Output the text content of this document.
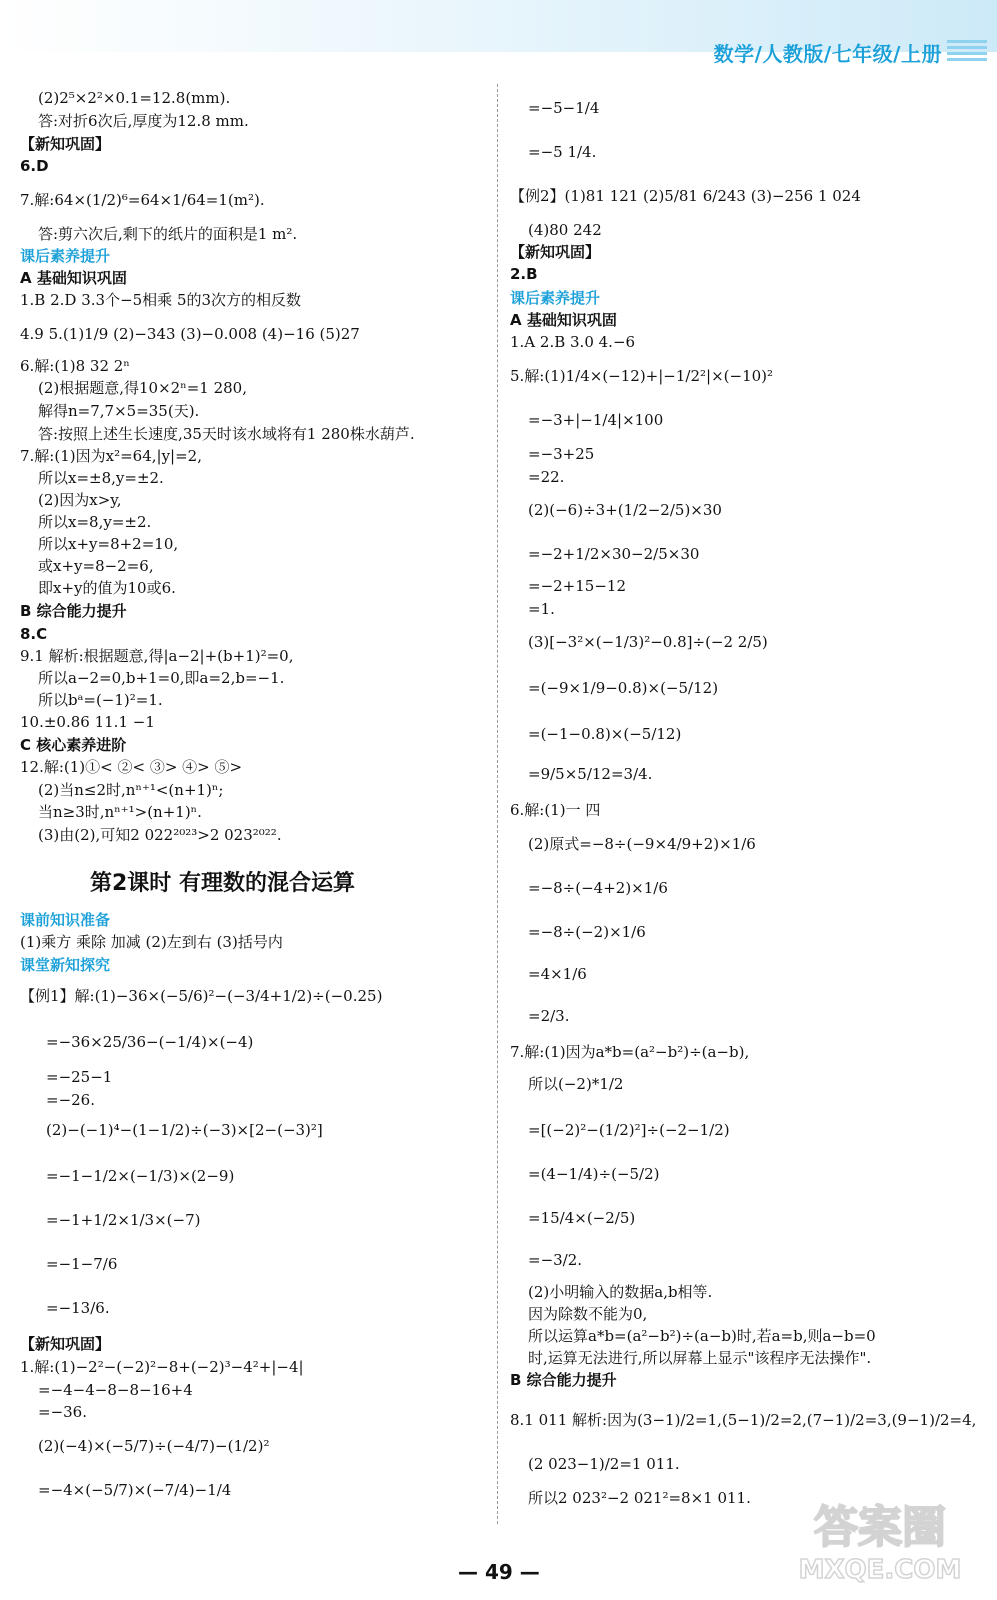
数学/人教版/七年级/上册
(2)2⁵×2²×0.1=12.8(mm).
答:对折6次后,厚度为12.8 mm.
【新知巩固】
6.D
7.解:64×(1/2)⁶=64×1/64=1(m²).
答:剪六次后,剩下的纸片的面积是1 m².
课后素养提升
A 基础知识巩固
1.B 2.D 3.3个−5相乘 5的3次方的相反数
4.9 5.(1)1/9 (2)−343 (3)−0.008 (4)−16 (5)27
6.解:(1)8 32 2ⁿ
(2)根据题意,得10×2ⁿ=1 280,
解得n=7,7×5=35(天).
答:按照上述生长速度,35天时该水域将有1 280株水葫芦.
7.解:(1)因为x²=64,|y|=2,
所以x=±8,y=±2.
(2)因为x>y,
所以x=8,y=±2.
所以x+y=8+2=10,
或x+y=8−2=6,
即x+y的值为10或6.
B 综合能力提升
8.C
9.1 解析:根据题意,得|a−2|+(b+1)²=0,
所以a−2=0,b+1=0,即a=2,b=−1.
所以bᵃ=(−1)²=1.
10.±0.86 11.1 −1
C 核心素养进阶
12.解:(1)①< ②< ③> ④> ⑤>
(2)当n≤2时,nⁿ⁺¹<(n+1)ⁿ;
当n≥3时,nⁿ⁺¹>(n+1)ⁿ.
(3)由(2),可知2 022²⁰²³>2 023²⁰²².
第2课时 有理数的混合运算
课前知识准备
(1)乘方 乘除 加减 (2)左到右 (3)括号内
课堂新知探究
【例1】解:(1)−36×(−5/6)²−(−3/4+1/2)÷(−0.25)
=−36×25/36−(−1/4)×(−4)
=−25−1
=−26.
(2)−(−1)⁴−(1−1/2)÷(−3)×[2−(−3)²]
=−1−1/2×(−1/3)×(2−9)
=−1+1/2×1/3×(−7)
=−1−7/6
=−13/6.
【新知巩固】
1.解:(1)−2²−(−2)²−8+(−2)³−4²+|−4|
=−4−4−8−8−16+4
=−36.
(2)(−4)×(−5/7)÷(−4/7)−(1/2)²
=−4×(−5/7)×(−7/4)−1/4
=−5−1/4
=−5 1/4.
【例2】(1)81 121 (2)5/81 6/243 (3)−256 1 024
(4)80 242
【新知巩固】
2.B
课后素养提升
A 基础知识巩固
1.A 2.B 3.0 4.−6
5.解:(1)1/4×(−12)+|−1/2²|×(−10)²
=−3+|−1/4|×100
=−3+25
=22.
(2)(−6)÷3+(1/2−2/5)×30
=−2+1/2×30−2/5×30
=−2+15−12
=1.
(3)[−3²×(−1/3)²−0.8]÷(−2 2/5)
=(−9×1/9−0.8)×(−5/12)
=(−1−0.8)×(−5/12)
=9/5×5/12=3/4.
6.解:(1)一 四
(2)原式=−8÷(−9×4/9+2)×1/6
=−8÷(−4+2)×1/6
=−8÷(−2)×1/6
=4×1/6
=2/3.
7.解:(1)因为a*b=(a²−b²)÷(a−b),
所以(−2)*1/2
=[(−2)²−(1/2)²]÷(−2−1/2)
=(4−1/4)÷(−5/2)
=15/4×(−2/5)
=−3/2.
(2)小明输入的数据a,b相等.
因为除数不能为0,
所以运算a*b=(a²−b²)÷(a−b)时,若a=b,则a−b=0
时,运算无法进行,所以屏幕上显示"该程序无法操作".
B 综合能力提升
8.1 011 解析:因为(3−1)/2=1,(5−1)/2=2,(7−1)/2=3,(9−1)/2=4,
(2 023−1)/2=1 011.
所以2 023²−2 021²=8×1 011.
— 49 —
答案圈
MXQE.COM
